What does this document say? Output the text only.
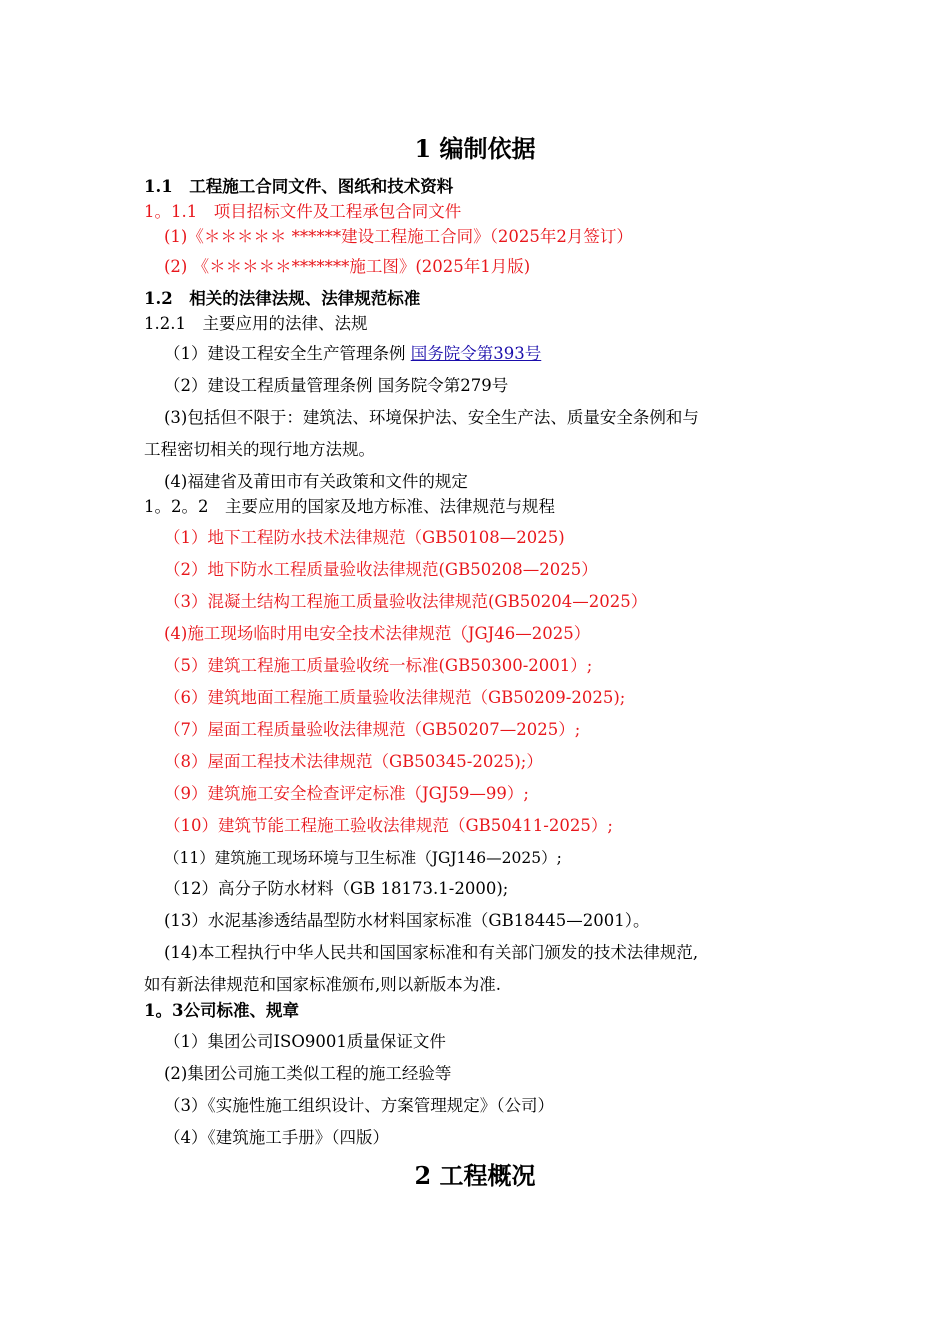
1 编制依据
1.1　工程施工合同文件、图纸和技术资料
1。1.1　项目招标文件及工程承包合同文件
(1)《＊＊＊＊＊ ******建设工程施工合同》（2025年2月签订）
(2) 《＊＊＊＊＊*******施工图》(2025年1月版)
1.2　相关的法律法规、法律规范标准
1.2.1　主要应用的法律、法规
（1）建设工程安全生产管理条例 国务院令第393号
（2）建设工程质量管理条例 国务院令第279号
(3)包括但不限于：建筑法、环境保护法、安全生产法、质量安全条例和与
工程密切相关的现行地方法规。
(4)福建省及莆田市有关政策和文件的规定
1。2。2　主要应用的国家及地方标准、法律规范与规程
（1）地下工程防水技术法律规范（GB50108—2025)
（2）地下防水工程质量验收法律规范(GB50208—2025）
（3）混凝土结构工程施工质量验收法律规范(GB50204—2025）
(4)施工现场临时用电安全技术法律规范（JGJ46—2025）
（5）建筑工程施工质量验收统一标准(GB50300-2001）;
（6）建筑地面工程施工质量验收法律规范（GB50209-2025);
（7）屋面工程质量验收法律规范（GB50207—2025）;
（8）屋面工程技术法律规范（GB50345-2025);）
（9）建筑施工安全检查评定标准（JGJ59—99）;
（10）建筑节能工程施工验收法律规范（GB50411-2025）;
（11）建筑施工现场环境与卫生标准（JGJ146—2025）;
（12）高分子防水材料（GB 18173.1-2000);
(13）水泥基渗透结晶型防水材料国家标准（GB18445—2001）。
(14)本工程执行中华人民共和国国家标准和有关部门颁发的技术法律规范,
如有新法律规范和国家标准颁布,则以新版本为准.
1。3公司标准、规章
（1）集团公司ISO9001质量保证文件
(2)集团公司施工类似工程的施工经验等
（3）《实施性施工组织设计、方案管理规定》（公司）
（4）《建筑施工手册》（四版）
2 工程概况
